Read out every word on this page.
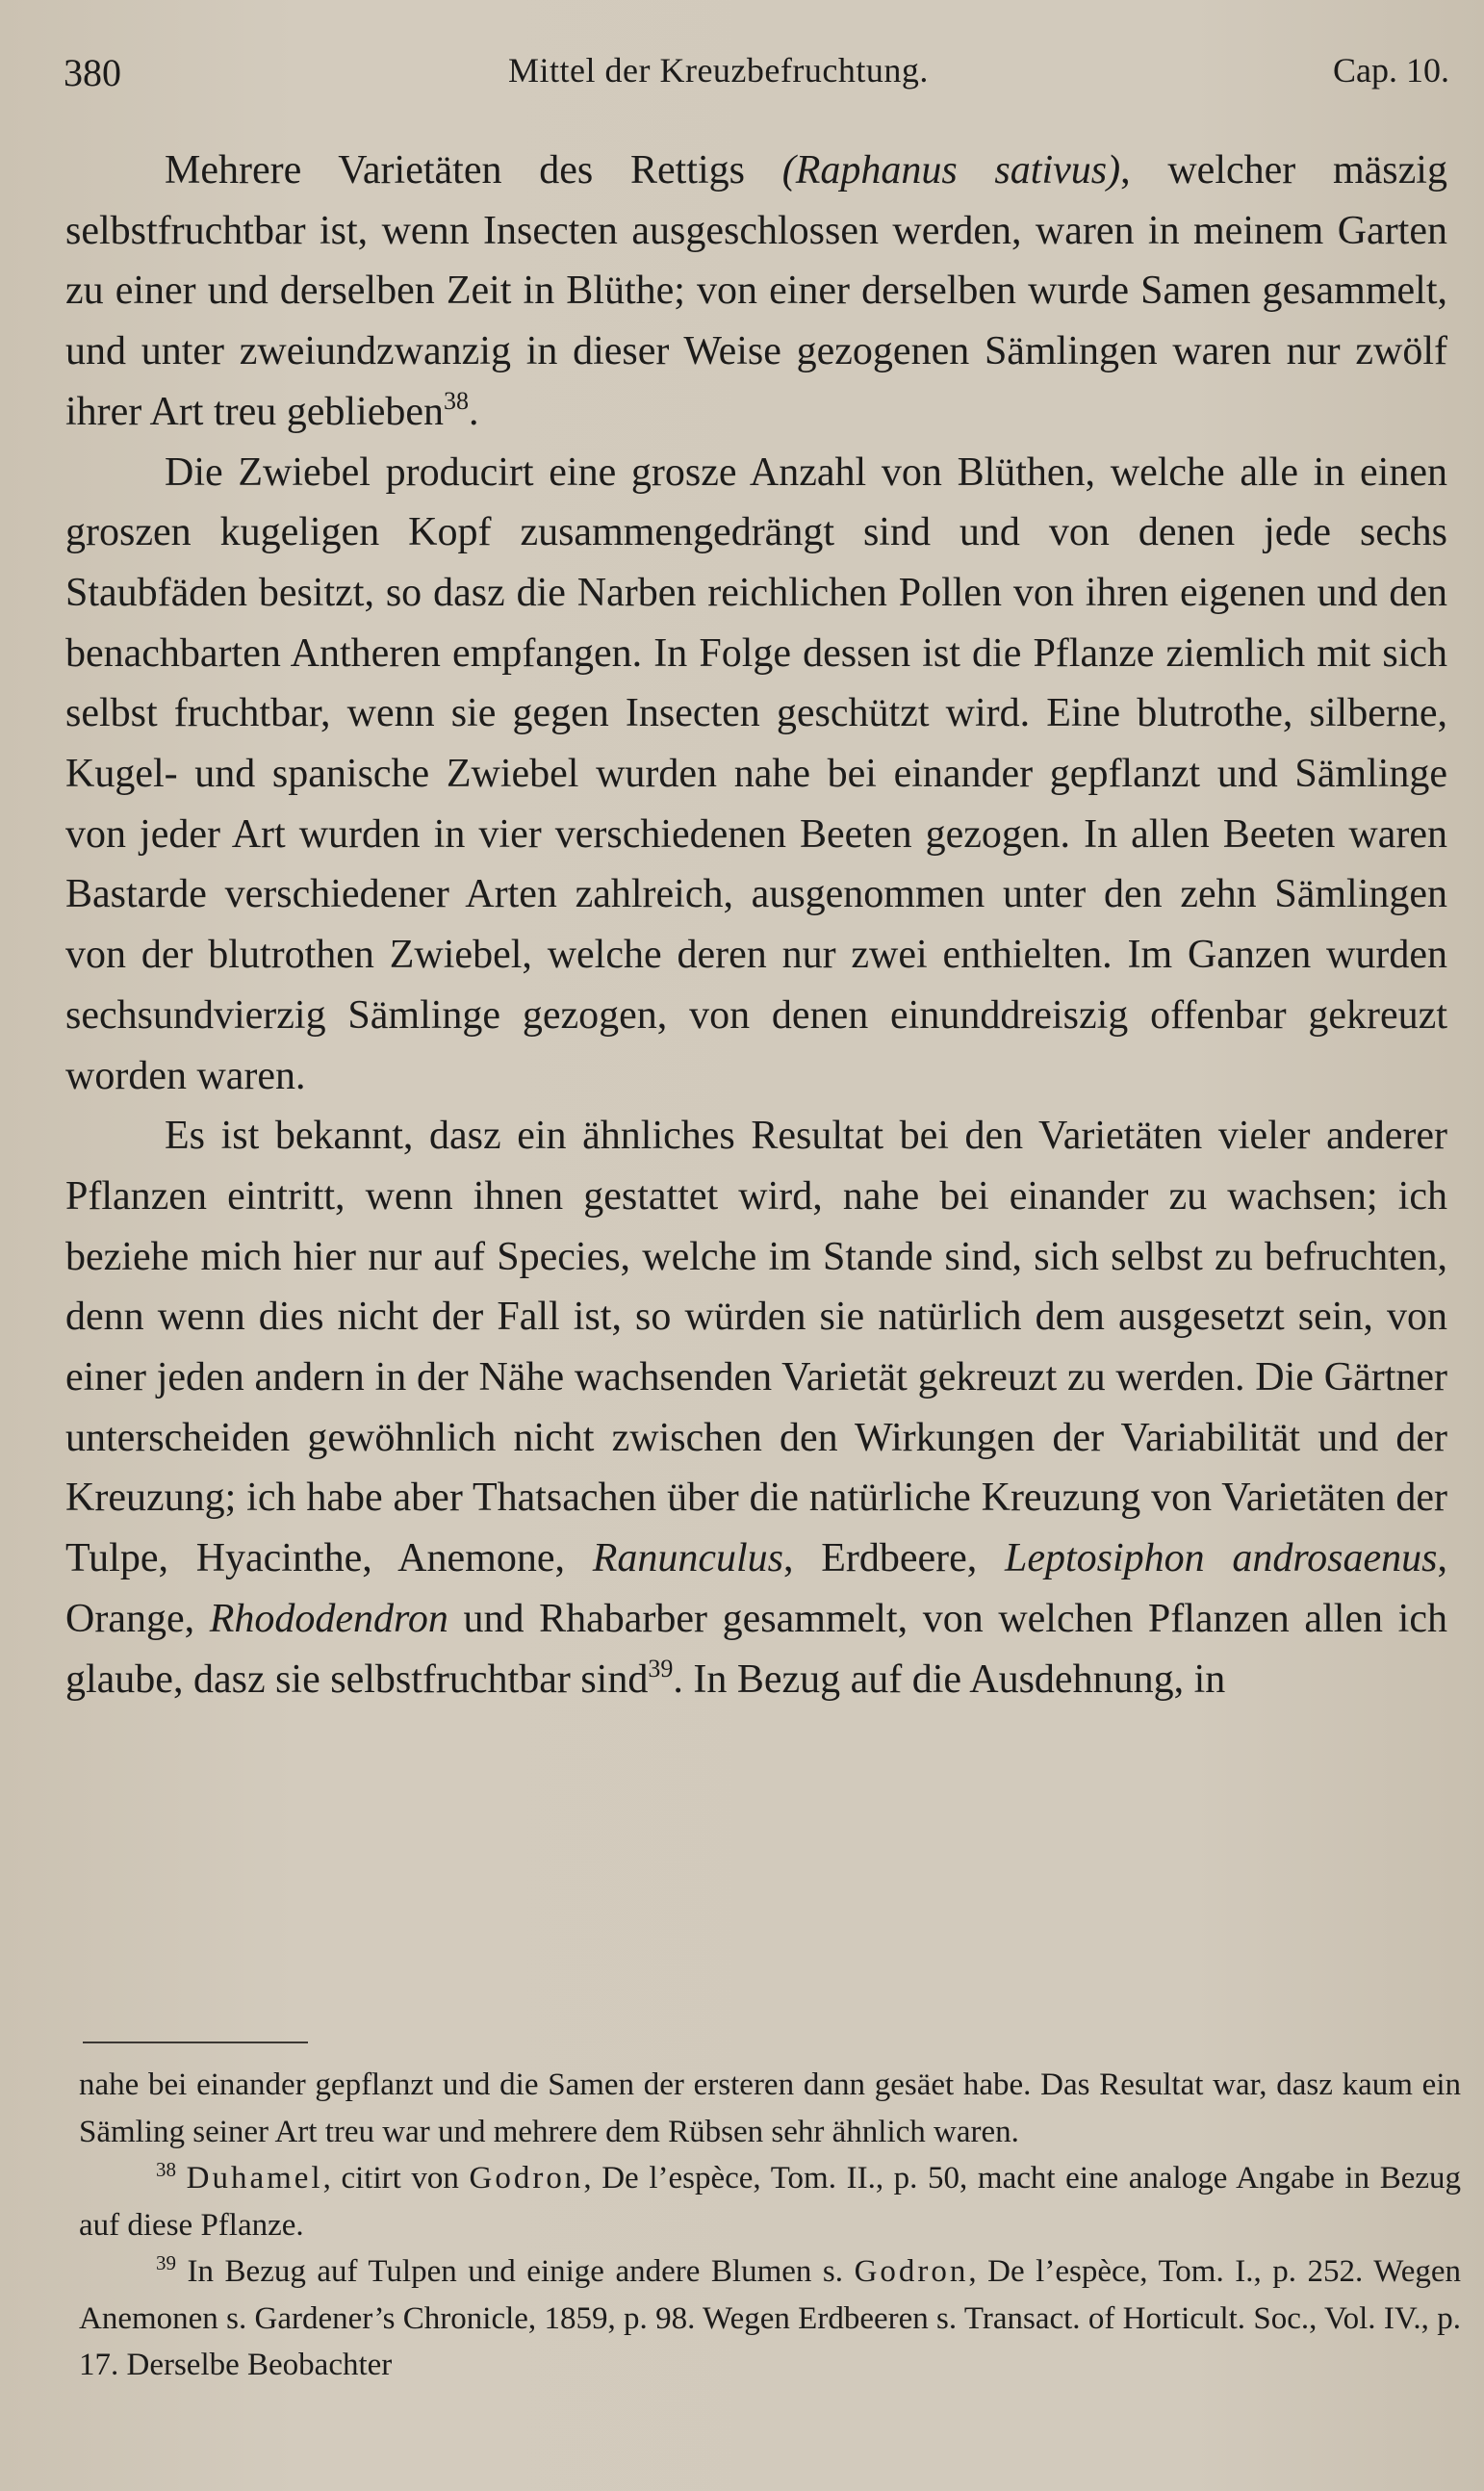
380	Mittel der Kreuzbefruchtung.	Cap. 10.

Mehrere Varietäten des Rettigs (Raphanus sativus), welcher mäszig selbstfruchtbar ist, wenn Insecten ausgeschlossen werden, waren in meinem Garten zu einer und derselben Zeit in Blüthe; von einer derselben wurde Samen gesammelt, und unter zweiundzwanzig in dieser Weise gezogenen Sämlingen waren nur zwölf ihrer Art treu geblieben$^{38}$.

Die Zwiebel producirt eine grosze Anzahl von Blüthen, welche alle in einen groszen kugeligen Kopf zusammengedrängt sind und von denen jede sechs Staubfäden besitzt, so dasz die Narben reichlichen Pollen von ihren eigenen und den benachbarten Antheren empfangen. In Folge dessen ist die Pflanze ziemlich mit sich selbst fruchtbar, wenn sie gegen Insecten geschützt wird. Eine blutrothe, silberne, Kugel- und spanische Zwiebel wurden nahe bei einander gepflanzt und Sämlinge von jeder Art wurden in vier verschiedenen Beeten gezogen. In allen Beeten waren Bastarde verschiedener Arten zahlreich, ausgenommen unter den zehn Sämlingen von der blutrothen Zwiebel, welche deren nur zwei enthielten. Im Ganzen wurden sechsundvierzig Sämlinge gezogen, von denen einunddreiszig offenbar gekreuzt worden waren.

Es ist bekannt, dasz ein ähnliches Resultat bei den Varietäten vieler anderer Pflanzen eintritt, wenn ihnen gestattet wird, nahe bei einander zu wachsen; ich beziehe mich hier nur auf Species, welche im Stande sind, sich selbst zu befruchten, denn wenn dies nicht der Fall ist, so würden sie natürlich dem ausgesetzt sein, von einer jeden andern in der Nähe wachsenden Varietät gekreuzt zu werden. Die Gärtner unterscheiden gewöhnlich nicht zwischen den Wirkungen der Variabilität und der Kreuzung; ich habe aber Thatsachen über die natürliche Kreuzung von Varietäten der Tulpe, Hyacinthe, Anemone, Ranunculus, Erdbeere, Leptosiphon androsaenus, Orange, Rhododendron und Rhabarber gesammelt, von welchen Pflanzen allen ich glaube, dasz sie selbstfruchtbar sind$^{39}$. In Bezug auf die Ausdehnung, in

nahe bei einander gepflanzt und die Samen der ersteren dann gesäet habe. Das Resultat war, dasz kaum ein Sämling seiner Art treu war und mehrere dem Rübsen sehr ähnlich waren.

$^{38}$ Duhamel, citirt von Godron, De l’espèce, Tom. II., p. 50, macht eine analoge Angabe in Bezug auf diese Pflanze.

$^{39}$ In Bezug auf Tulpen und einige andere Blumen s. Godron, De l’espèce, Tom. I., p. 252. Wegen Anemonen s. Gardener’s Chronicle, 1859, p. 98. Wegen Erdbeeren s. Transact. of Horticult. Soc., Vol. IV., p. 17. Derselbe Beobachter
